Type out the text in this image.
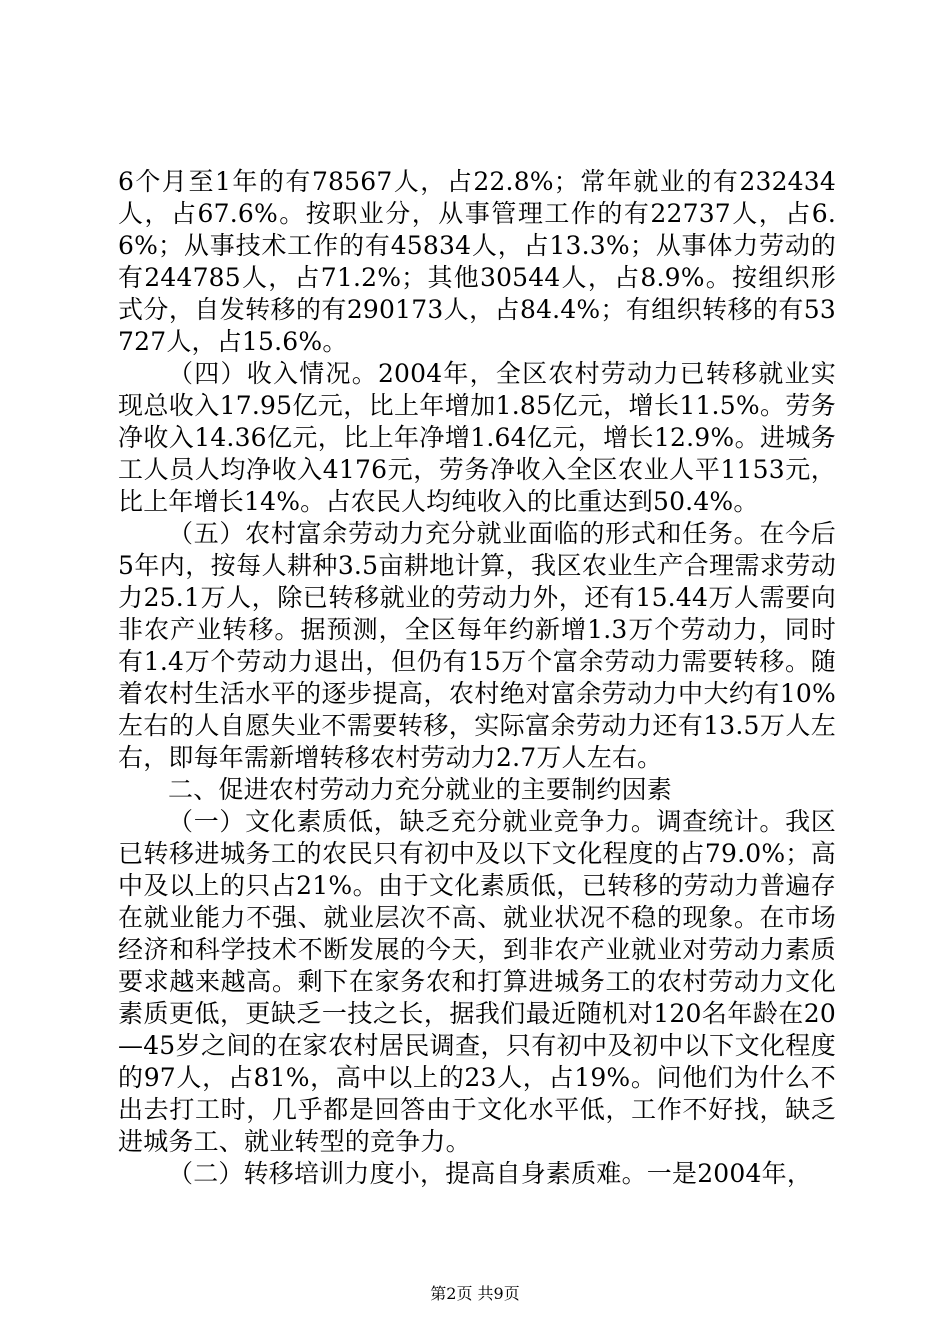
6个月至1年的有78567人，占22.8%；常年就业的有232434人，占67.6%。按职业分，从事管理工作的有22737人，占6.6%；从事技术工作的有45834人，占13.3%；从事体力劳动的有244785人，占71.2%；其他30544人，占8.9%。按组织形式分，自发转移的有290173人，占84.4%；有组织转移的有53727人，占15.6%。

（四）收入情况。2004年，全区农村劳动力已转移就业实现总收入17.95亿元，比上年增加1.85亿元，增长11.5%。劳务净收入14.36亿元，比上年净增1.64亿元，增长12.9%。进城务工人员人均净收入4176元，劳务净收入全区农业人平1153元，比上年增长14%。占农民人均纯收入的比重达到50.4%。

（五）农村富余劳动力充分就业面临的形式和任务。在今后5年内，按每人耕种3.5亩耕地计算，我区农业生产合理需求劳动力25.1万人，除已转移就业的劳动力外，还有15.44万人需要向非农产业转移。据预测，全区每年约新增1.3万个劳动力，同时有1.4万个劳动力退出，但仍有15万个富余劳动力需要转移。随着农村生活水平的逐步提高，农村绝对富余劳动力中大约有10%左右的人自愿失业不需要转移，实际富余劳动力还有13.5万人左右，即每年需新增转移农村劳动力2.7万人左右。

二、促进农村劳动力充分就业的主要制约因素

（一）文化素质低，缺乏充分就业竞争力。调查统计。我区已转移进城务工的农民只有初中及以下文化程度的占79.0%；高中及以上的只占21%。由于文化素质低，已转移的劳动力普遍存在就业能力不强、就业层次不高、就业状况不稳的现象。在市场经济和科学技术不断发展的今天，到非农产业就业对劳动力素质要求越来越高。剩下在家务农和打算进城务工的农村劳动力文化素质更低，更缺乏一技之长，据我们最近随机对120名年龄在20—45岁之间的在家农村居民调查，只有初中及初中以下文化程度的97人，占81%，高中以上的23人，占19%。问他们为什么不出去打工时，几乎都是回答由于文化水平低，工作不好找，缺乏进城务工、就业转型的竞争力。

（二）转移培训力度小，提高自身素质难。一是2004年，

第2页 共9页
